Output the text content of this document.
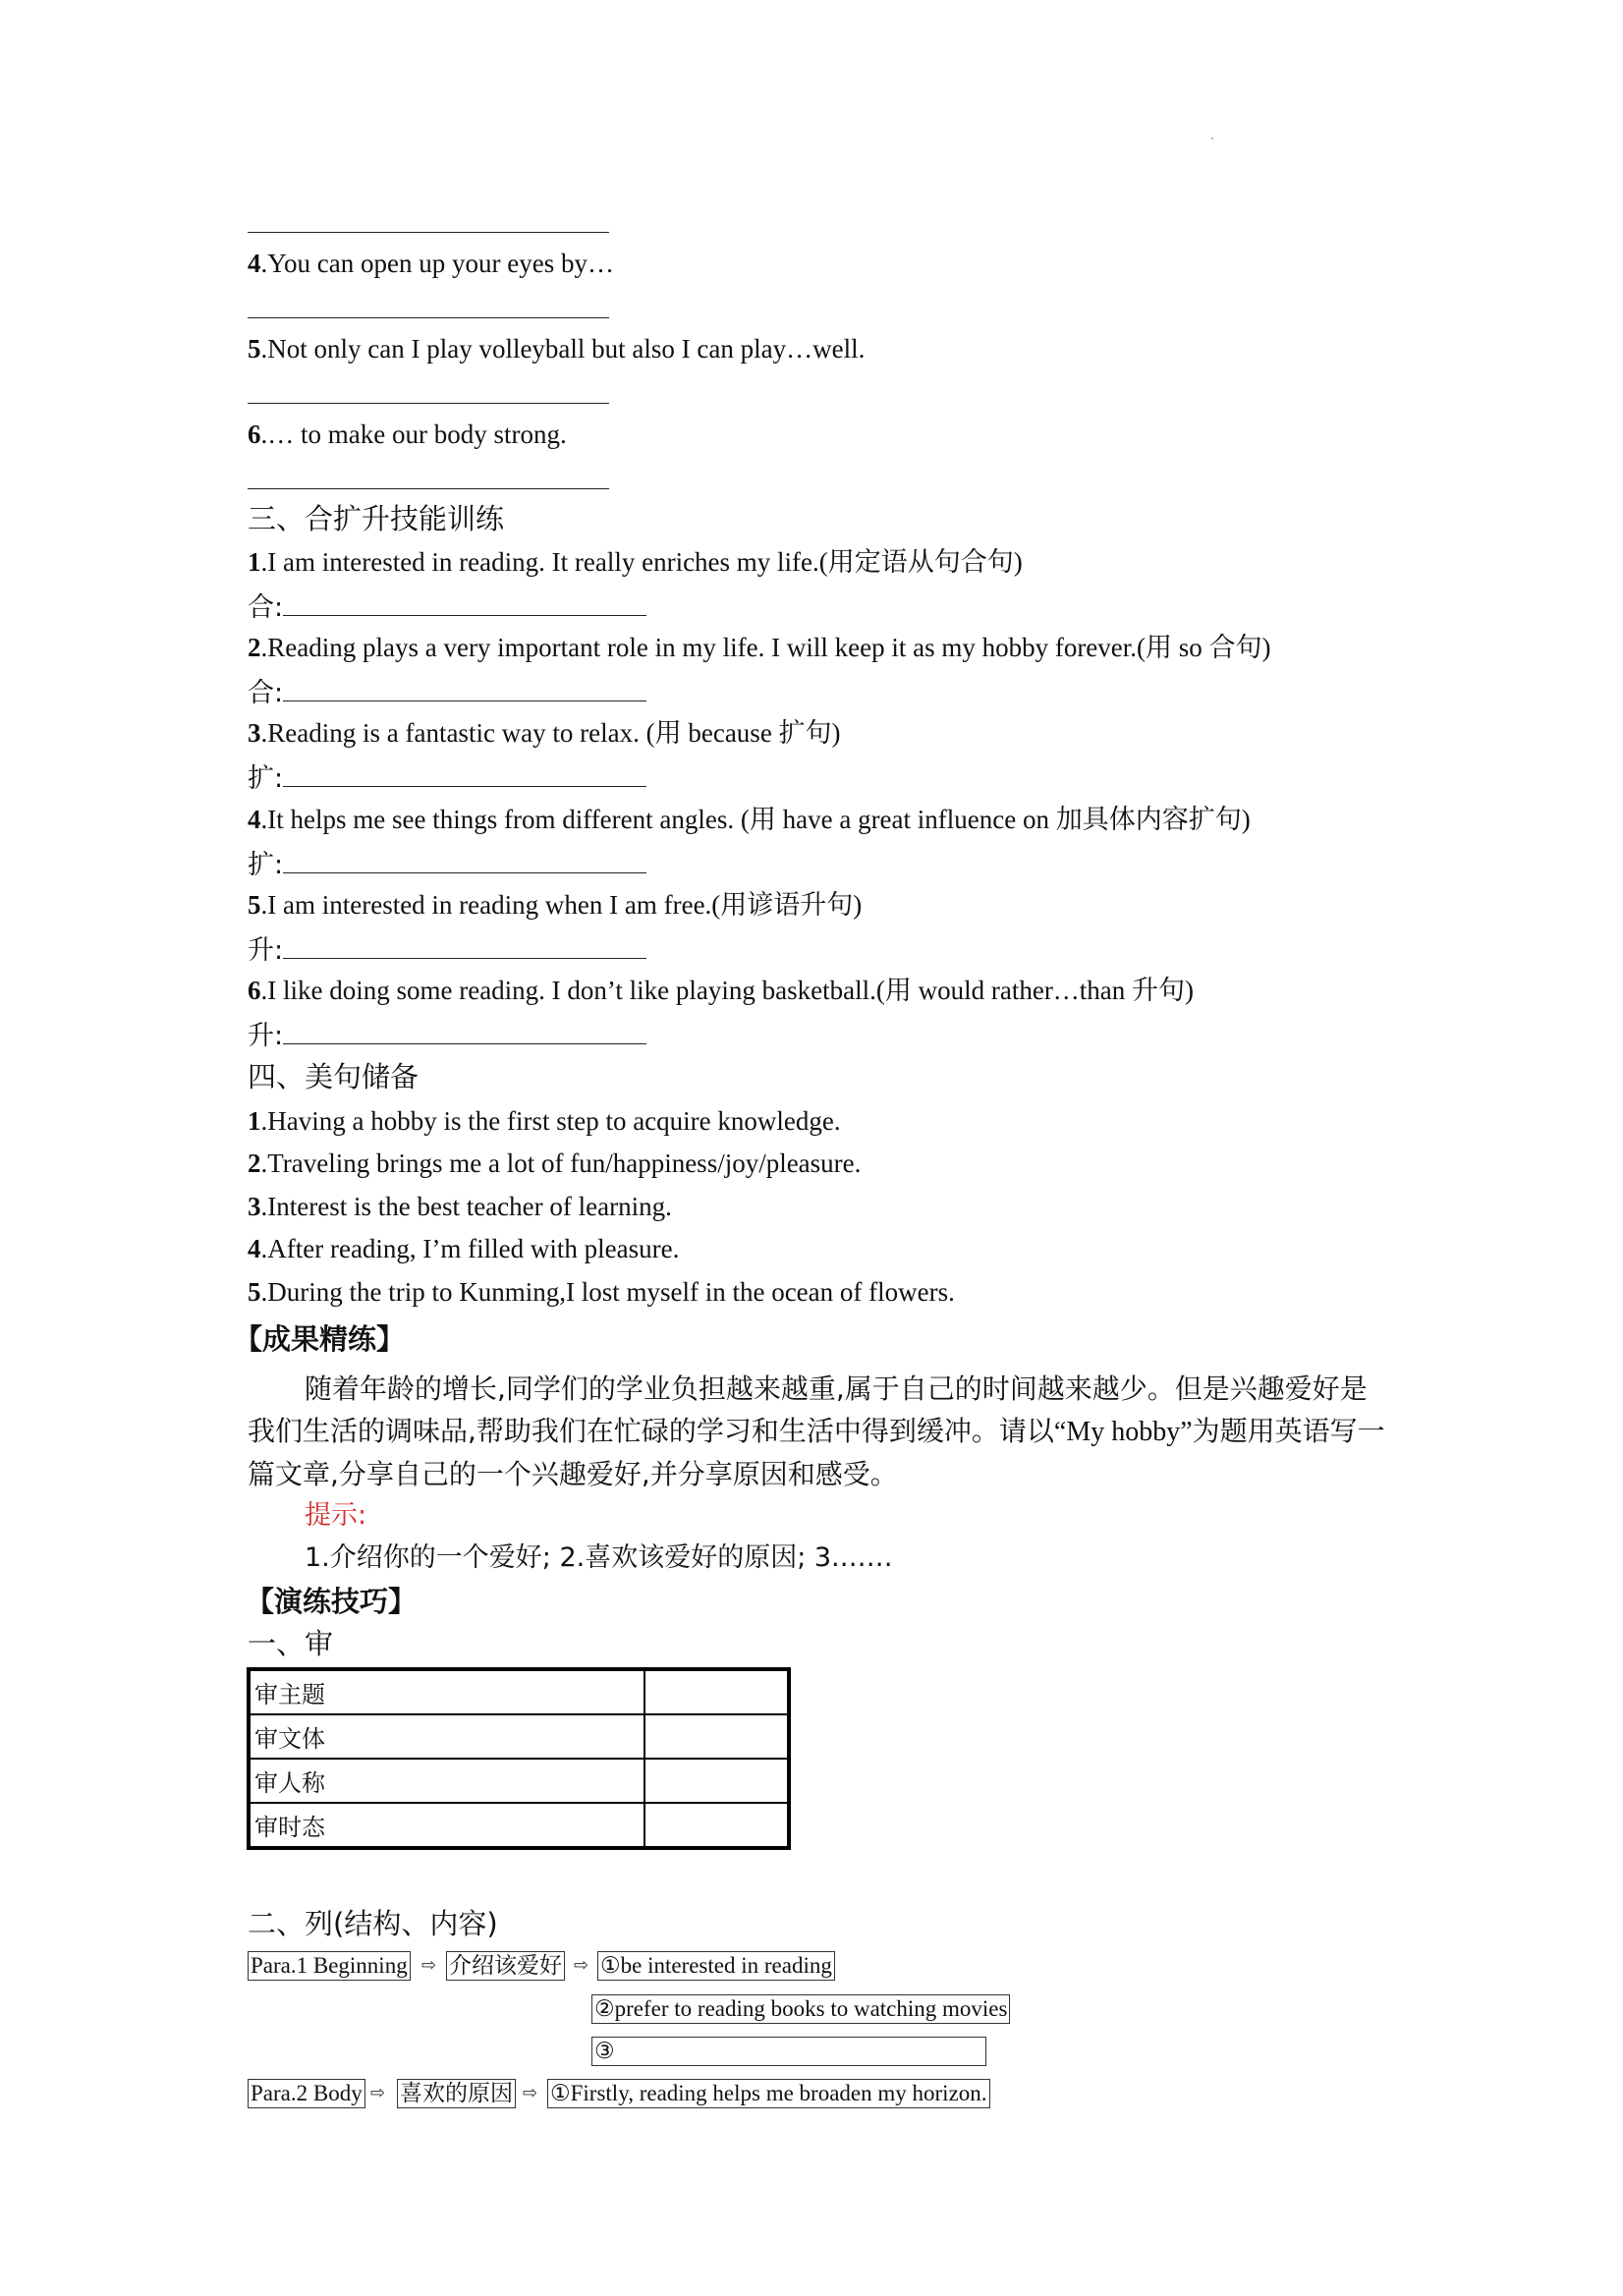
4.You can open up your eyes by…
5.Not only can I play volleyball but also I can play…well.
6.… to make our body strong.
三、合扩升技能训练
1.I am interested in reading. It really enriches my life.(用定语从句合句)
合:
2.Reading plays a very important role in my life. I will keep it as my hobby forever.(用 so 合句)
合:
3.Reading is a fantastic way to relax. (用 because 扩句)
扩:
4.It helps me see things from different angles. (用 have a great influence on 加具体内容扩句)
扩:
5.I am interested in reading when I am free.(用谚语升句)
升:
6.I like doing some reading. I don’t like playing basketball.(用 would rather…than 升句)
升:
四、美句储备
1.Having a hobby is the first step to acquire knowledge.
2.Traveling brings me a lot of fun/happiness/joy/pleasure.
3.Interest is the best teacher of learning.
4.After reading, I’m filled with pleasure.
5.During the trip to Kunming,I lost myself in the ocean of flowers.
【成果精练】
随着年龄的增长,同学们的学业负担越来越重,属于自己的时间越来越少。但是兴趣爱好是我们生活的调味品,帮助我们在忙碌的学习和生活中得到缓冲。请以“My hobby”为题用英语写一篇文章,分享自己的一个兴趣爱好,并分享原因和感受。
提示:
1.介绍你的一个爱好; 2.喜欢该爱好的原因; 3.……
【演练技巧】
一、审
审主题	
审文体	
审人称	
审时态	
二、列(结构、内容)
Para.1 Beginning ⇨ 介绍该爱好 ⇨ ①be interested in reading
②prefer to reading books to watching movies
③
Para.2 Body ⇨ 喜欢的原因 ⇨ ①Firstly, reading helps me broaden my horizon.
